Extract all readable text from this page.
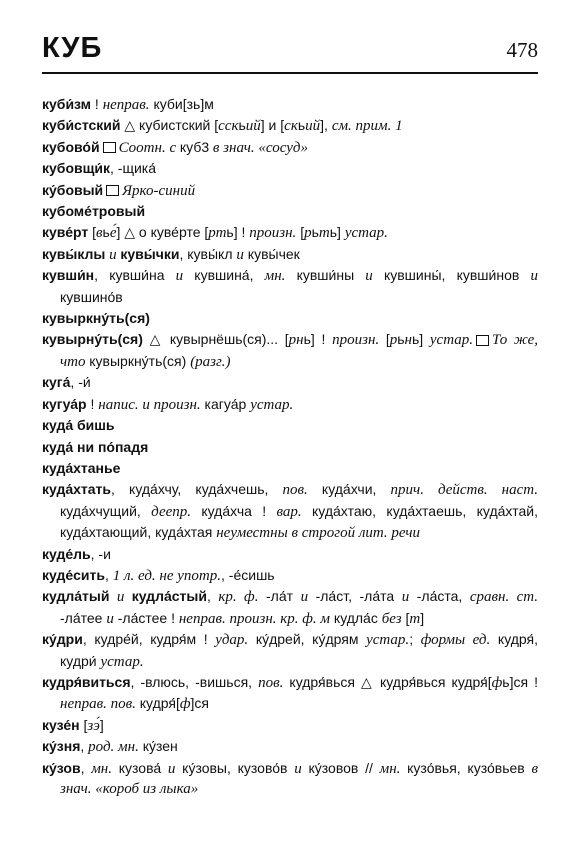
КУБ	478

куби́зм ! неправ. куби[зь]м

куби́стский △ кубистский [сскьий] и [скьий], см. прим. 1

кубово́й Соотн. с куб3 в знач. «сосуд»

кубовщи́к, -щика́

ку́бовый Ярко-синий

кубоме́тровый

куве́рт [вье́] △ о куве́рте [рть] ! произн. [рьть] устар.

кувы́клы и кувы́чки, кувы́кл и кувы́чек

кувши́н, кувши́на и кувшина́, мн. кувши́ны и кувшины́, кувши́нов и кувшино́в

кувыркну́ть(ся)

кувырну́ть(ся) △ кувырнёшь(ся)... [рнь] ! произн. [рьнь] устар. То же, что кувыркну́ть(ся) (разг.)

куга́, -и́

кугуа́р ! напис. и произн. кагуа́р устар.

куда́ бишь

куда́ ни по́падя

куда́хтанье

куда́хтать, куда́хчу, куда́хчешь, пов. куда́хчи, прич. действ. наст. куда́хчущий, деепр. куда́хча ! вар. куда́хтаю, куда́хтаешь, куда́хтай, куда́хтающий, куда́хтая неуместны в строгой лит. речи

куде́ль, -и

куде́сить, 1 л. ед. не употр., -е́сишь

кудла́тый и кудла́стый, кр. ф. -ла́т и -ла́ст, -ла́та и -ла́ста, сравн. ст. -ла́тее и -ла́стее ! неправ. произн. кр. ф. м кудла́с без [т]

ку́дри, кудре́й, кудря́м ! удар. ку́дрей, ку́дрям устар.; формы ед. кудря́, кудри́ устар.

кудря́виться, -влюсь, -вишься, пов. кудря́вься △ кудря́вься кудря́[фь]ся ! неправ. пов. кудря́[ф]ся

кузе́н [зэ́]

ку́зня, род. мн. ку́зен

ку́зов, мн. кузова́ и ку́зовы, кузово́в и ку́зовов // мн. кузо́вья, кузо́вьев в знач. «короб из лыка»
